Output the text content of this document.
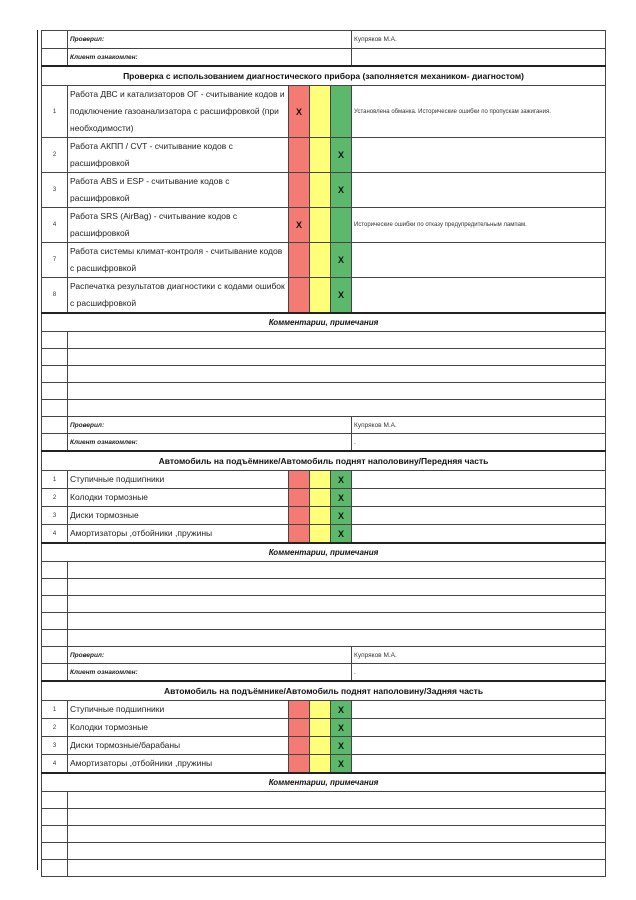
	Проверил:				Купряков М.А.
	Клиент ознакомлен:				
Проверка с использованием диагностического прибора (заполняется механиком- диагностом)					
1	Работа ДВС и катализаторов ОГ - считывание кодов и подключение газоанализатора с расшифровкой (при необходимости)	X			Установлена обманка. Исторические ошибки по пропускам зажигания.
2	Работа АКПП / CVT - считывание кодов с расшифровкой			X	
3	Работа ABS и ESP - считывание кодов с расшифровкой			X	
4	Работа SRS (AirBag) - считывание кодов с расшифровкой	X			Исторические ошибки по отказу предупредительным лампам.
7	Работа системы климат-контроля - считывание кодов с расшифровкой			X	
8	Распечатка результатов диагностики с кодами ошибок с расшифровкой			X	
Комментарии, примечания					

	Проверил:				Купряков М.А.
	Клиент ознакомлен:				.
Автомобиль на подъёмнике/Автомобиль поднят наполовину/Передняя часть					
1	Ступичные подшипники			X	
2	Колодки тормозные			X	
3	Диски тормозные			X	
4	Амортизаторы ,отбойники ,пружины			X	
Комментарии, примечания					

	Проверил:				Купряков М.А.
	Клиент ознакомлен:				.
Автомобиль на подъёмнике/Автомобиль поднят наполовину/Задняя часть					
1	Ступичные подшипники			X	
2	Колодки тормозные			X	
3	Диски тормозные/барабаны			X	
4	Амортизаторы ,отбойники ,пружины			X	
Комментарии, примечания					
